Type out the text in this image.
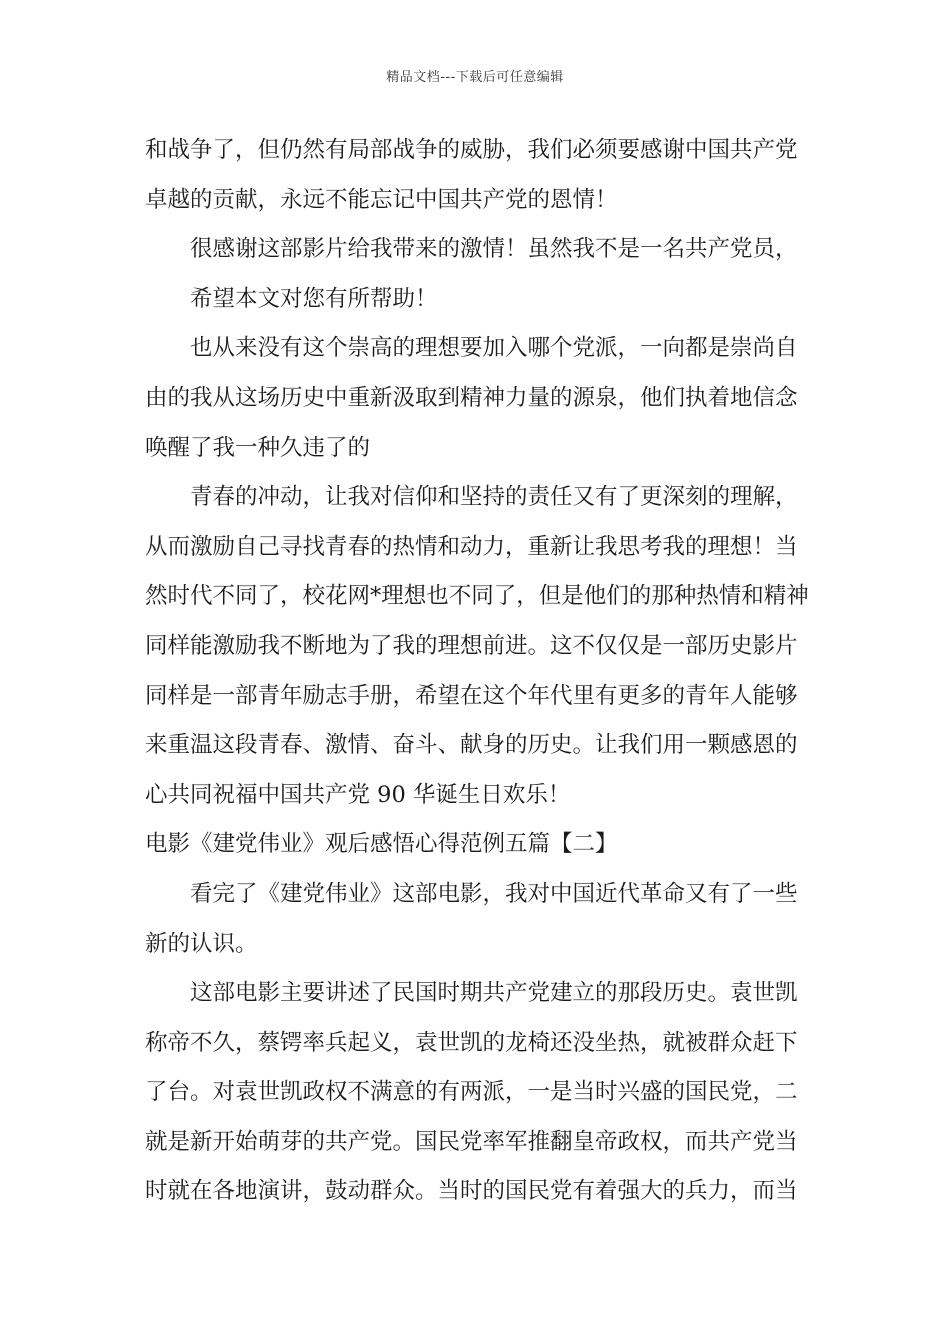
精品文档---下载后可任意编辑
和战争了，但仍然有局部战争的威胁，我们必须要感谢中国共产党
卓越的贡献，永远不能忘记中国共产党的恩情！
很感谢这部影片给我带来的激情！虽然我不是一名共产党员，
希望本文对您有所帮助！
也从来没有这个崇高的理想要加入哪个党派，一向都是崇尚自
由的我从这场历史中重新汲取到精神力量的源泉，他们执着地信念
唤醒了我一种久违了的
青春的冲动，让我对信仰和坚持的责任又有了更深刻的理解，
从而激励自己寻找青春的热情和动力，重新让我思考我的理想！当
然时代不同了，校花网*理想也不同了，但是他们的那种热情和精神
同样能激励我不断地为了我的理想前进。这不仅仅是一部历史影片
同样是一部青年励志手册，希望在这个年代里有更多的青年人能够
来重温这段青春、激情、奋斗、献身的历史。让我们用一颗感恩的
心共同祝福中国共产党 90 华诞生日欢乐！
电影《建党伟业》观后感悟心得范例五篇【二】
看完了《建党伟业》这部电影，我对中国近代革命又有了一些
新的认识。
这部电影主要讲述了民国时期共产党建立的那段历史。袁世凯
称帝不久，蔡锷率兵起义，袁世凯的龙椅还没坐热，就被群众赶下
了台。对袁世凯政权不满意的有两派，一是当时兴盛的国民党，二
就是新开始萌芽的共产党。国民党率军推翻皇帝政权，而共产党当
时就在各地演讲，鼓动群众。当时的国民党有着强大的兵力，而当
